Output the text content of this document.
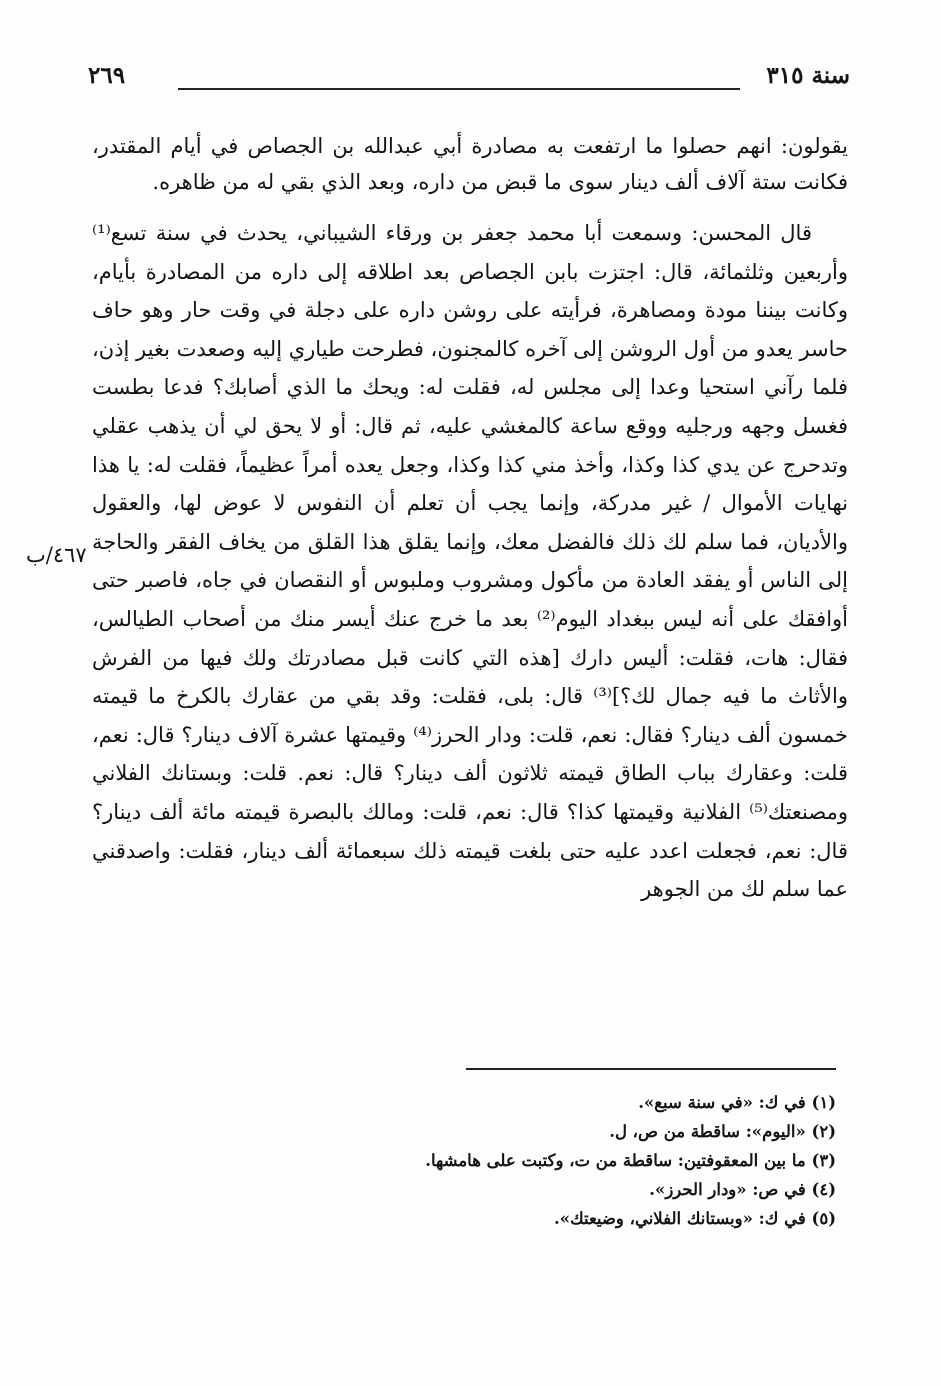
سنة ٣١٥
٢٦٩

يقولون: انهم حصلوا ما ارتفعت به مصادرة أبي عبدالله بن الجصاص في أيام المقتدر، فكانت ستة آلاف ألف دينار سوى ما قبض من داره، وبعد الذي بقي له من ظاهره.

قال المحسن: وسمعت أبا محمد جعفر بن ورقاء الشيباني، يحدث في سنة تسع⁽¹⁾ وأربعين وثلثمائة، قال: اجتزت بابن الجصاص بعد اطلاقه إلى داره من المصادرة بأيام، وكانت بيننا مودة ومصاهرة، فرأيته على روشن داره على دجلة في وقت حار وهو حاف حاسر يعدو من أول الروشن إلى آخره كالمجنون، فطرحت طياري إليه وصعدت بغير إذن، فلما رآني استحيا وعدا إلى مجلس له، فقلت له: ويحك ما الذي أصابك؟ فدعا بطست فغسل وجهه ورجليه ووقع ساعة كالمغشي عليه، ثم قال: أو لا يحق لي أن يذهب عقلي وتدحرج عن يدي كذا وكذا، وأخذ مني كذا وكذا، وجعل يعده أمراً عظيماً، فقلت له: يا هذا نهايات الأموال / غير مدركة، وإنما يجب أن تعلم أن النفوس لا عوض لها، والعقول والأديان، فما سلم لك ذلك فالفضل معك، وإنما يقلق هذا القلق من يخاف الفقر والحاجة إلى الناس أو يفقد العادة من مأكول ومشروب وملبوس أو النقصان في جاه، فاصبر حتى أوافقك على أنه ليس ببغداد اليوم⁽²⁾ بعد ما خرج عنك أيسر منك من أصحاب الطيالس، فقال: هات، فقلت: أليس دارك [هذه التي كانت قبل مصادرتك ولك فيها من الفرش والأثاث ما فيه جمال لك؟]⁽³⁾ قال: بلى، فقلت: وقد بقي من عقارك بالكرخ ما قيمته خمسون ألف دينار؟ فقال: نعم، قلت: ودار الحرز⁽⁴⁾ وقيمتها عشرة آلاف دينار؟ قال: نعم، قلت: وعقارك بباب الطاق قيمته ثلاثون ألف دينار؟ قال: نعم. قلت: وبستانك الفلاني ومصنعتك⁽⁵⁾ الفلانية وقيمتها كذا؟ قال: نعم، قلت: ومالك بالبصرة قيمته مائة ألف دينار؟ قال: نعم، فجعلت اعدد عليه حتى بلغت قيمته ذلك سبعمائة ألف دينار، فقلت: واصدقني عما سلم لك من الجوهر

٤٦٧/ب
(١) في ك: «في سنة سبع».
(٢) «اليوم»: ساقطة من ص، ل.
(٣) ما بين المعقوفتين: ساقطة من ت، وكتبت على هامشها.
(٤) في ص: «ودار الحرز».
(٥) في ك: «وبستانك الفلاني، وضيعتك».
